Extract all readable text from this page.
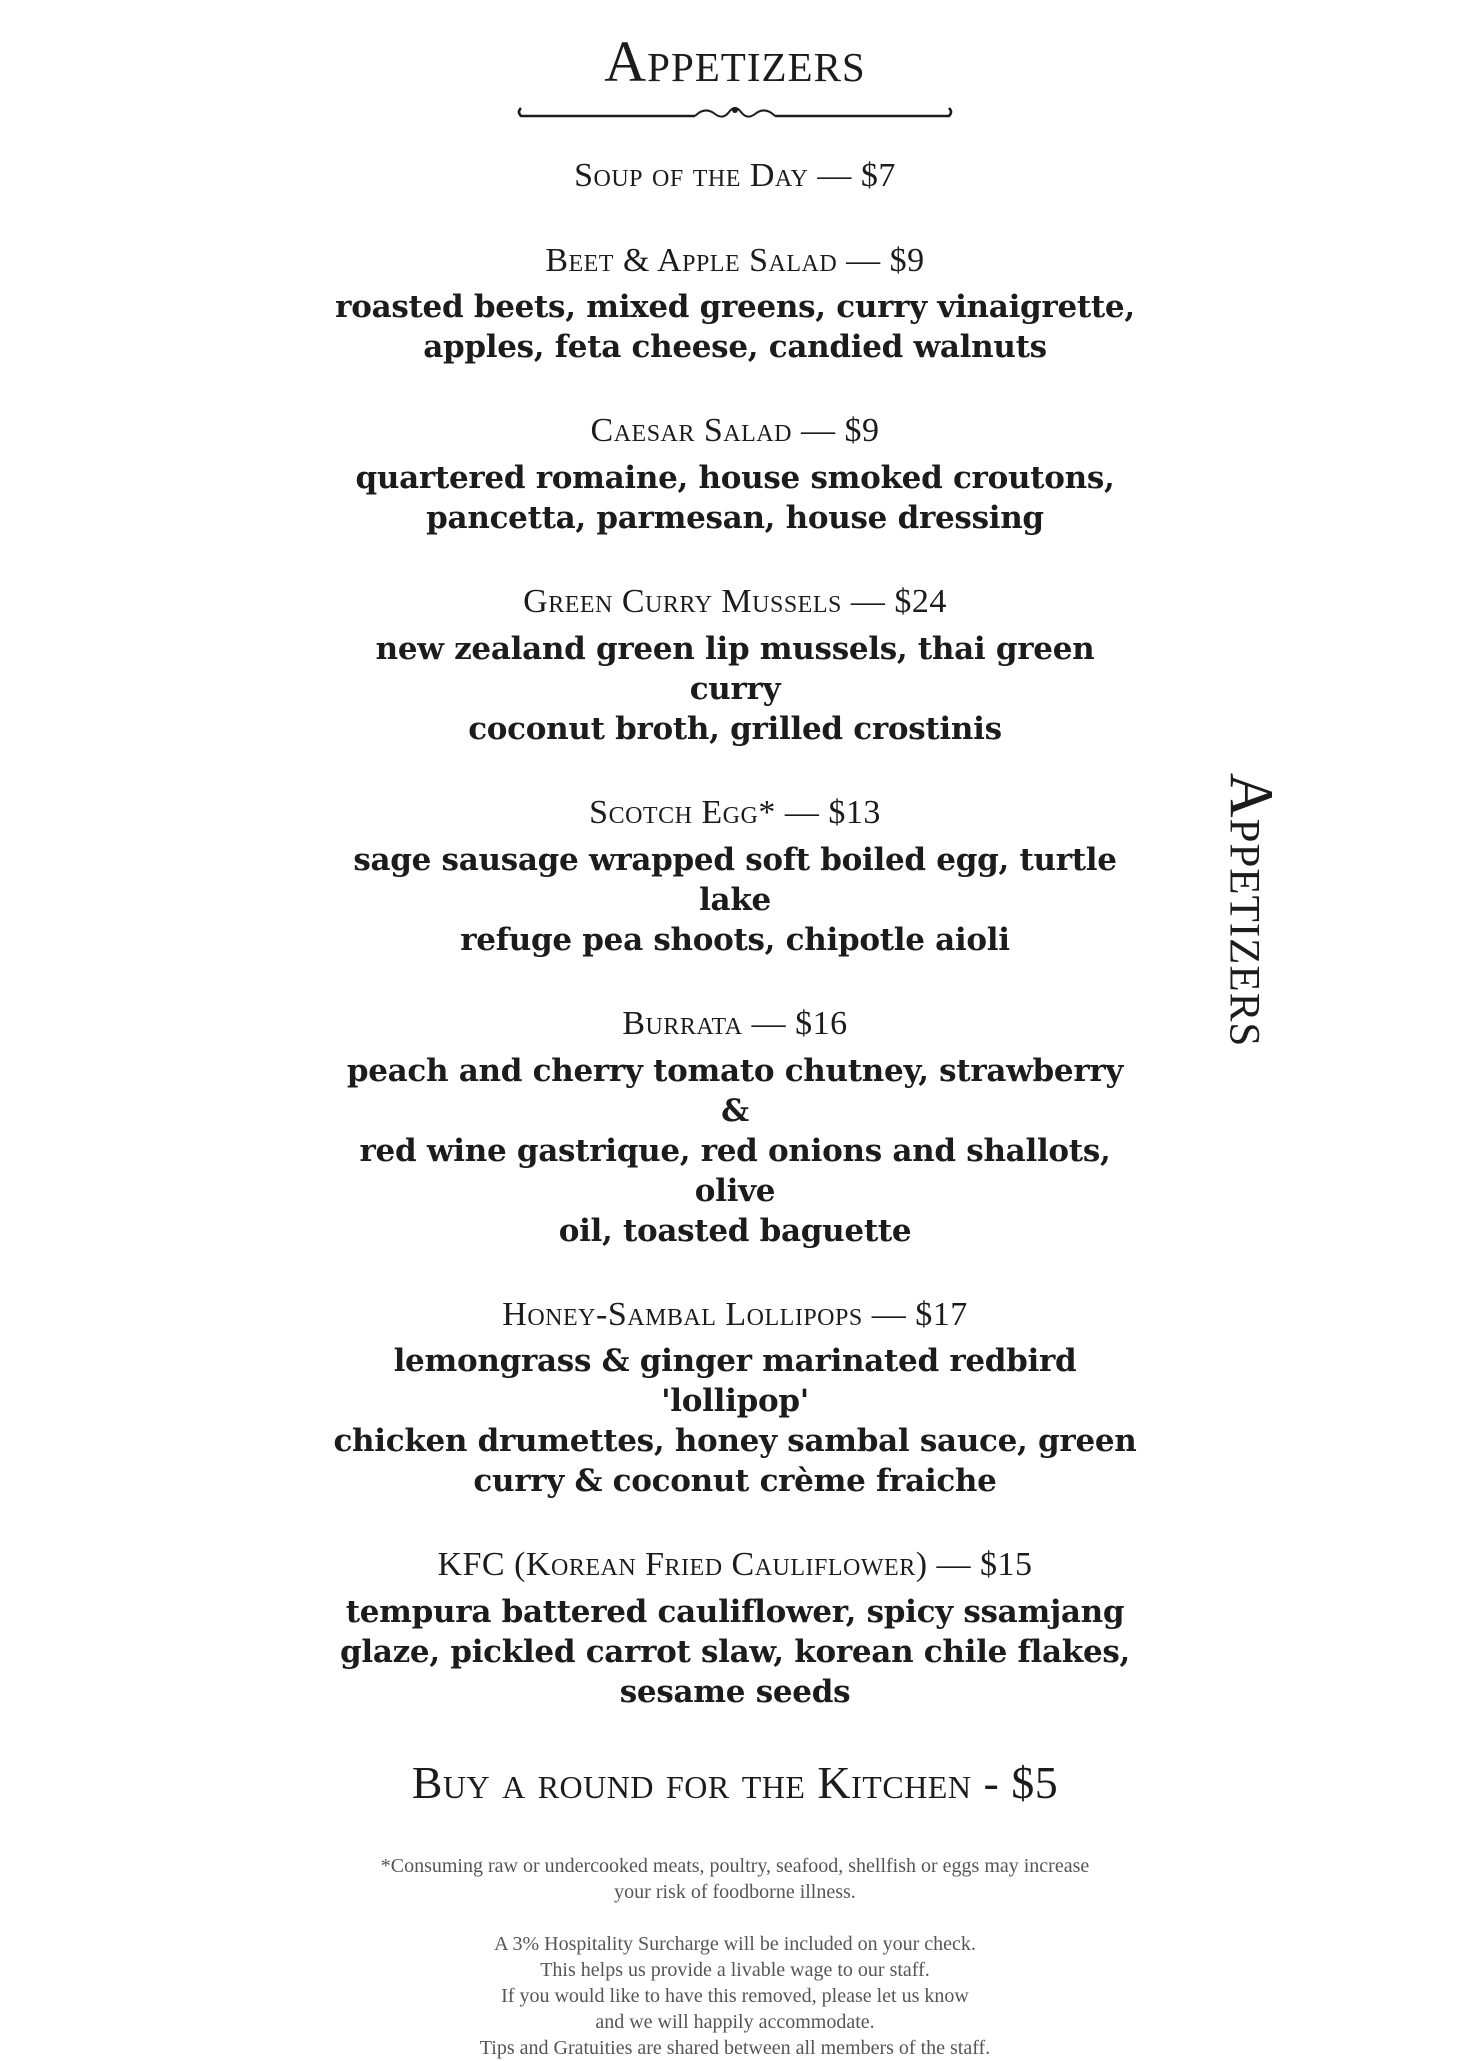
Appetizers
Soup of the Day — $7
Beet & Apple Salad — $9
roasted beets, mixed greens, curry vinaigrette,
apples, feta cheese, candied walnuts
Caesar Salad — $9
quartered romaine, house smoked croutons,
pancetta, parmesan, house dressing
Green Curry Mussels — $24
new zealand green lip mussels, thai green curry
coconut broth, grilled crostinis
Scotch Egg* — $13
sage sausage wrapped soft boiled egg, turtle lake
refuge pea shoots, chipotle aioli
Burrata — $16
peach and cherry tomato chutney, strawberry &
red wine gastrique, red onions and shallots, olive
oil, toasted baguette
Honey-Sambal Lollipops — $17
lemongrass & ginger marinated redbird 'lollipop'
chicken drumettes, honey sambal sauce, green
curry & coconut crème fraiche
KFC (Korean Fried Cauliflower) — $15
tempura battered cauliflower, spicy ssamjang
glaze, pickled carrot slaw, korean chile flakes,
sesame seeds
Buy a round for the Kitchen - $5
*Consuming raw or undercooked meats, poultry, seafood, shellfish or eggs may increase
your risk of foodborne illness.
A 3% Hospitality Surcharge will be included on your check.
This helps us provide a livable wage to our staff.
If you would like to have this removed, please let us know
and we will happily accommodate.
Tips and Gratuities are shared between all members of the staff.
Appetizers
